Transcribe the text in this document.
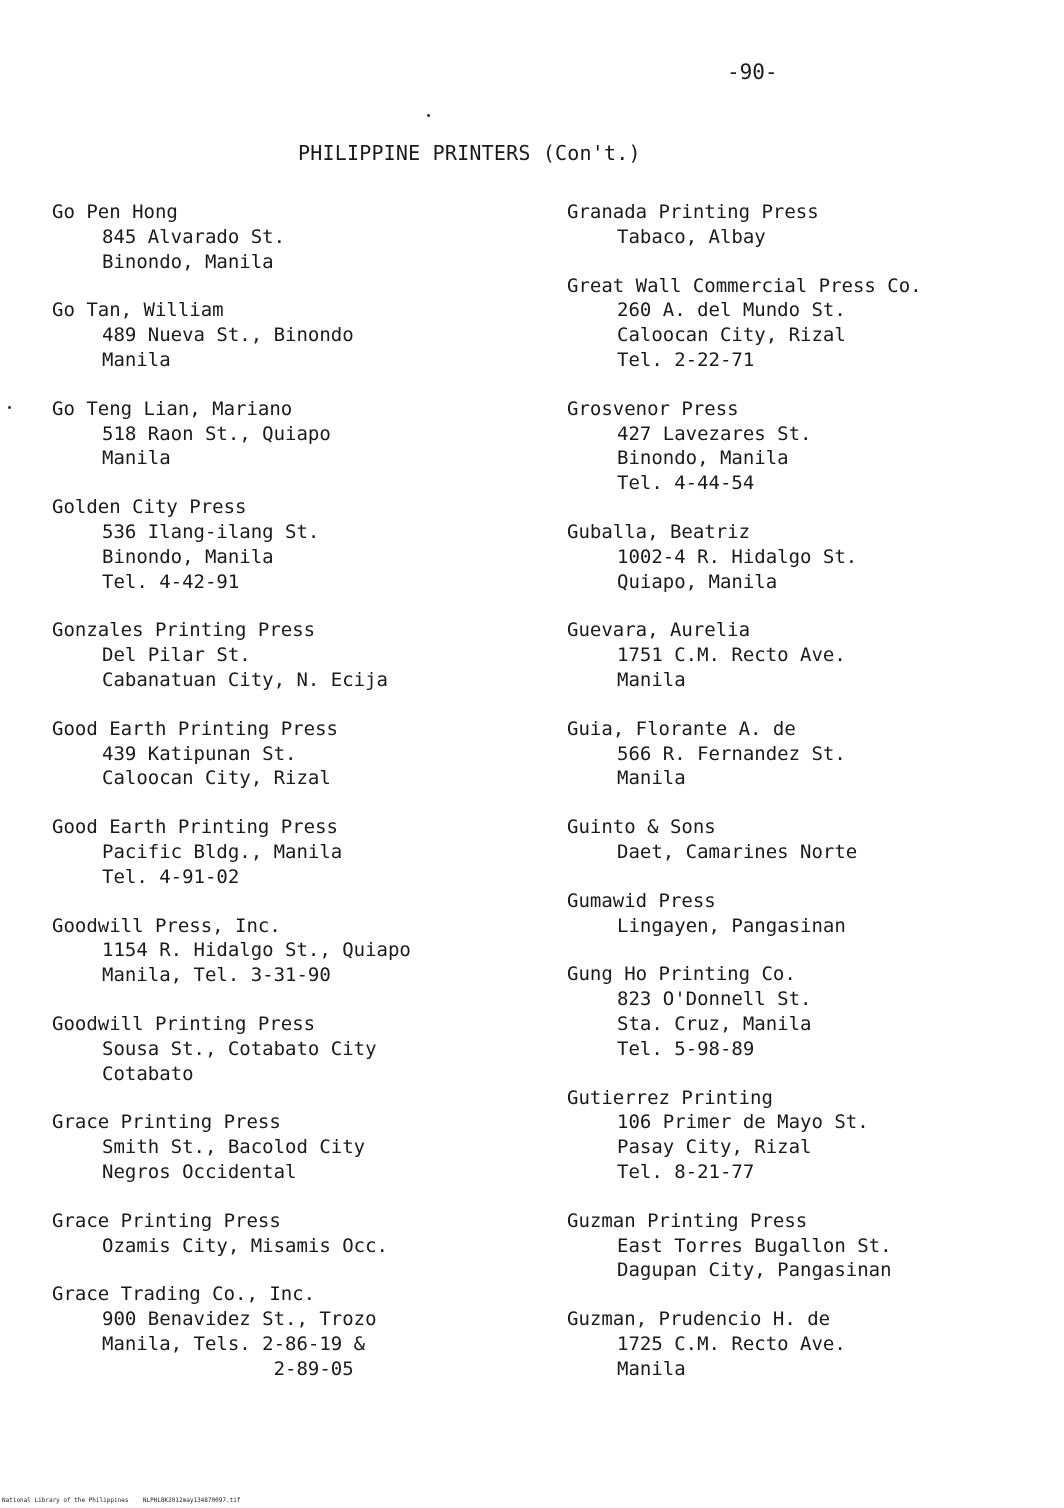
-90-
PHILIPPINE PRINTERS (Con't.)
Go Pen Hong
845 Alvarado St.
Binondo, Manila
Go Tan, William
489 Nueva St., Binondo
Manila
Go Teng Lian, Mariano
518 Raon St., Quiapo
Manila
Golden City Press
536 Ilang-ilang St.
Binondo, Manila
Tel. 4-42-91
Gonzales Printing Press
Del Pilar St.
Cabanatuan City, N. Ecija
Good Earth Printing Press
439 Katipunan St.
Caloocan City, Rizal
Good Earth Printing Press
Pacific Bldg., Manila
Tel. 4-91-02
Goodwill Press, Inc.
1154 R. Hidalgo St., Quiapo
Manila, Tel. 3-31-90
Goodwill Printing Press
Sousa St., Cotabato City
Cotabato
Grace Printing Press
Smith St., Bacolod City
Negros Occidental
Grace Printing Press
Ozamis City, Misamis Occ.
Grace Trading Co., Inc.
900 Benavidez St., Trozo
Manila, Tels. 2-86-19 &
2-89-05
Granada Printing Press
Tabaco, Albay
Great Wall Commercial Press Co.
260 A. del Mundo St.
Caloocan City, Rizal
Tel. 2-22-71
Grosvenor Press
427 Lavezares St.
Binondo, Manila
Tel. 4-44-54
Guballa, Beatriz
1002-4 R. Hidalgo St.
Quiapo, Manila
Guevara, Aurelia
1751 C.M. Recto Ave.
Manila
Guia, Florante A. de
566 R. Fernandez St.
Manila
Guinto & Sons
Daet, Camarines Norte
Gumawid Press
Lingayen, Pangasinan
Gung Ho Printing Co.
823 O'Donnell St.
Sta. Cruz, Manila
Tel. 5-98-89
Gutierrez Printing
106 Primer de Mayo St.
Pasay City, Rizal
Tel. 8-21-77
Guzman Printing Press
East Torres Bugallon St.
Dagupan City, Pangasinan
Guzman, Prudencio H. de
1725 C.M. Recto Ave.
Manila
National Library of the Philippines    NLPHLBK2012may134870097.tif
